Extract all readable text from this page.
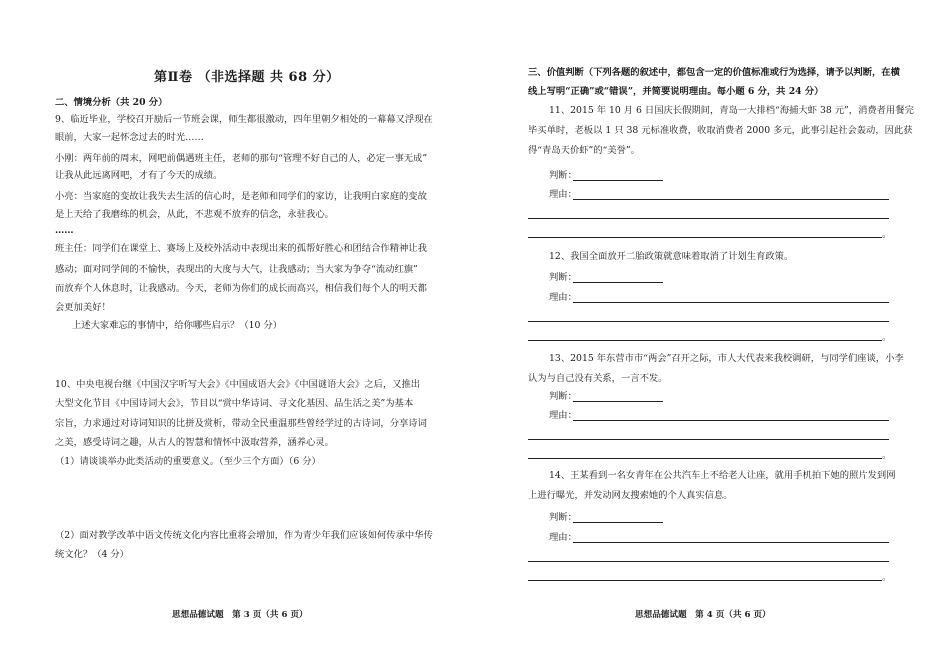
第Ⅱ卷 （非选择题 共 68 分）
二、情境分析（共 20 分）
9、临近毕业，学校召开励后一节班会课，师生都很激动，四年里朝夕相处的一幕幕又浮现在
眼前，大家一起怀念过去的时光……
小刚：两年前的周末，网吧前偶遇班主任，老师的那句“管理不好自己的人，必定一事无成”
让我从此远离网吧，才有了今天的成绩。
小亮：当家庭的变故让我失去生活的信心时，是老师和同学们的家访，让我明白家庭的变故
是上天给了我磨练的机会，从此，不悲观不放弃的信念，永驻我心。
……
班主任：同学们在课堂上、赛场上及校外活动中表现出来的孤帮好胜心和团结合作精神让我
感动；面对同学间的不愉快，表现出的大度与大气，让我感动；当大家为争夺“流动红旗”
而放弃个人休息时，让我感动。今天，老师为你们的成长而高兴，相信我们每个人的明天都
会更加美好！
上述大家难忘的事情中，给你哪些启示？（10 分）
10、中央电视台继《中国汉字听写大会》《中国成语大会》《中国谜语大会》之后，又推出
大型文化节目《中国诗词大会》，节目以“赏中华诗词、寻文化基因、品生活之美”为基本
宗旨，力求通过对诗词知识的比拼及赏析，带动全民重温那些曾经学过的古诗词，分享诗词
之美，感受诗词之趣，从古人的智慧和情怀中汲取营养，涵养心灵。
（1）请谈谈举办此类活动的重要意义。（至少三个方面）（6 分）
（2）面对教学改革中语文传统文化内容比重将会增加，作为青少年我们应该如何传承中华传
统文化？（4 分）
思想品德试题　第 3 页（共 6 页）
三、价值判断（下列各题的叙述中，都包含一定的价值标准或行为选择，请予以判断，在横
线上写明“正确”或“错误”，并简要说明理由。每小题 6 分，共 24 分）
11、2015 年 10 月 6 日国庆长假期间，青岛一大排档“海捕大虾 38 元”，消费者用餐完
毕买单时，老板以 1 只 38 元标准收费，收取消费者 2000 多元，此事引起社会轰动，因此获
得“青岛天价虾”的“美誉”。
判断：
理由：
。
12、我国全面放开二胎政策就意味着取消了计划生育政策。
判断：
理由：
。
13、2015 年东营市市“两会”召开之际，市人大代表来我校调研，与同学们座谈，小李
认为与自己没有关系，一言不发。
判断：
理由：
。
14、王某看到一名女青年在公共汽车上不给老人让座，就用手机拍下她的照片发到网
上进行曝光，并发动网友搜索她的个人真实信息。
判断：
理由：
。
思想品德试题　第 4 页（共 6 页）
